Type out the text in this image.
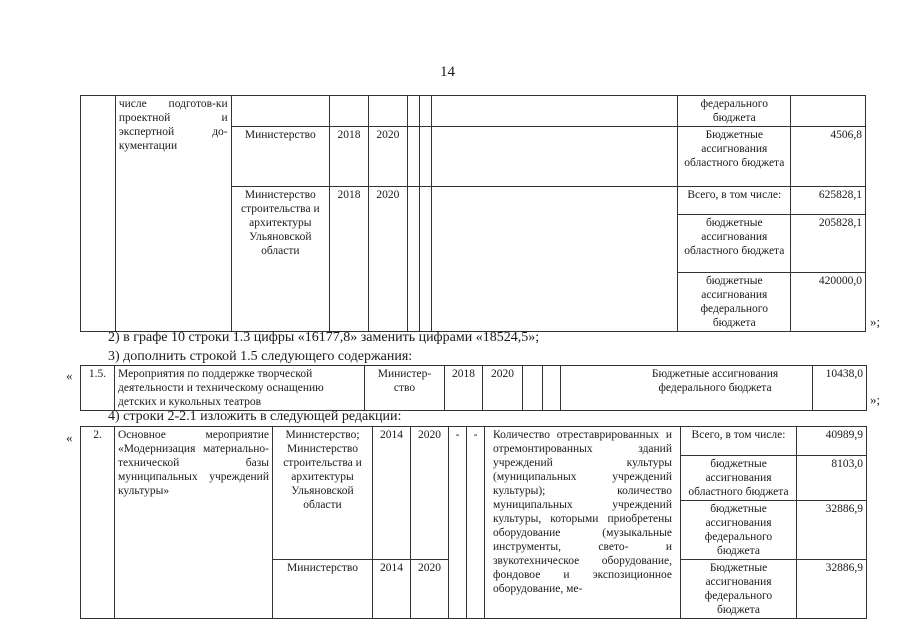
14
	числе подготов-ки проектной и экспертной до-кументации							федерального бюджета	
		Министерство	2018	2020				Бюджетные ассигнования областного бюджета	4506,8
		Министерство строительства и архитектуры Ульяновской области	2018	2020				Всего, в том числе:	625828,1
								бюджетные ассигнования областного бюджета	205828,1
								бюджетные ассигнования федерального бюджета	420000,0
»;
2) в графе 10 строки 1.3 цифры «16177,8» заменить цифрами «18524,5»;
3) дополнить строкой 1.5 следующего содержания:
« 1.5.	Мероприятия по поддержке творческой деятельности и техническому оснащению детских и кукольных театров	Министер-ство	2018	2020			Бюджетные ассигнования федерального бюджета	10438,0
»;
4) строки 2-2.1 изложить в следующей редакции:
« 2.	Основное мероприятие «Модернизация материально-технической базы муниципальных учреждений культуры»	Министерство; Министерство строительства и архитектуры Ульяновской области	2014	2020	-	-	Количество отреставрированных и отремонтированных зданий учреждений культуры (муниципальных учреждений культуры); количество муниципальных учреждений культуры, которыми приобретены оборудование (музыкальные инструменты, свето- и звукотехническое оборудование, фондовое и экспозиционное оборудование, ме-	Всего, в том числе:	40989,9
								бюджетные ассигнования областного бюджета	8103,0
								бюджетные ассигнования федерального бюджета	32886,9
		Министерство	2014	2020				Бюджетные ассигнования федерального бюджета	32886,9
